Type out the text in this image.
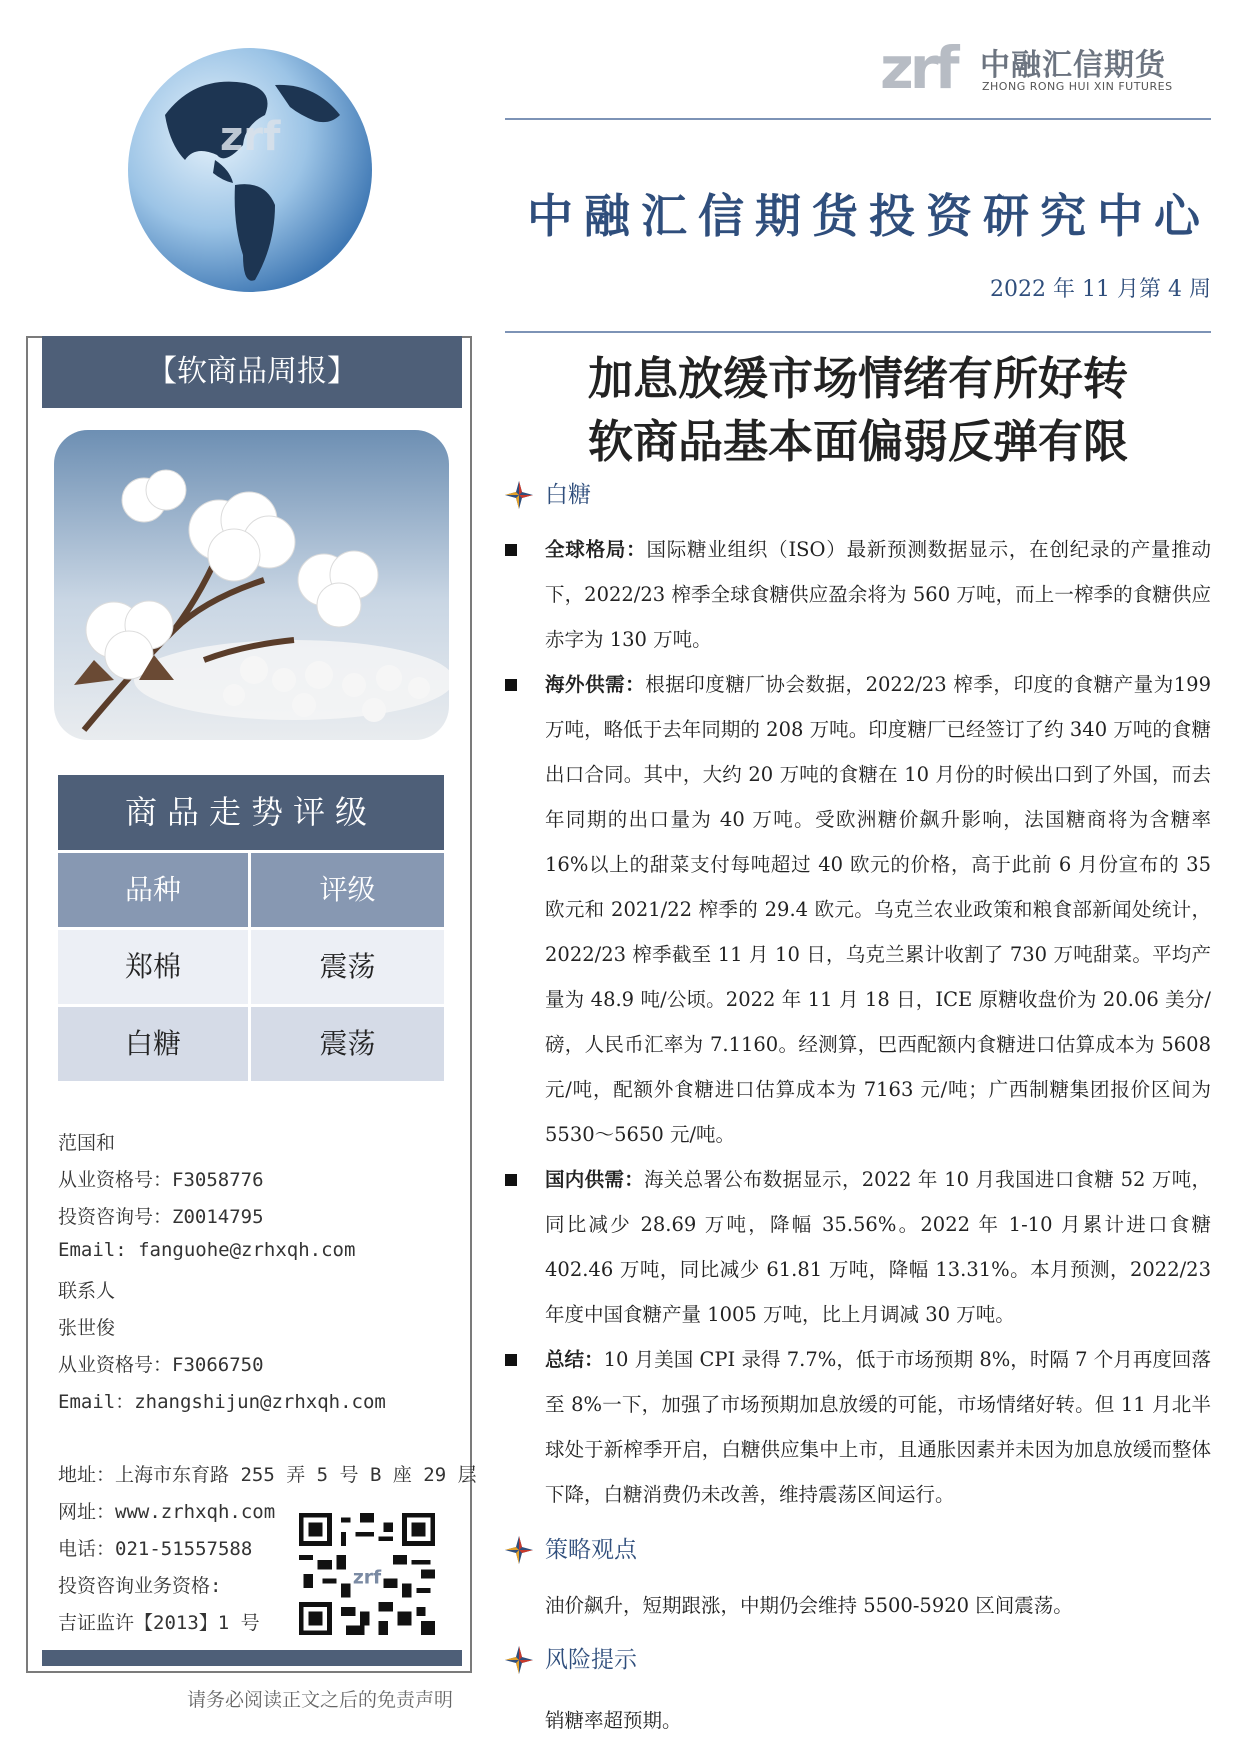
zrf
zrf 中融汇信期货
ZHONG RONG HUI XIN FUTURES
中融汇信期货投资研究中心
2022 年 11 月第 4 周
【软商品周报】
商品走势评级
品种	评级
郑棉	震荡
白糖	震荡
范国和
从业资格号：F3058776
投资咨询号：Z0014795
Email: fanguohe@zrhxqh.com
联系人
张世俊
从业资格号：F3066750
Email：zhangshijun@zrhxqh.com
地址：上海市东育路 255 弄 5 号 B 座 29 层
网址：www.zrhxqh.com
电话：021-51557588
投资咨询业务资格:
吉证监许【2013】1 号
zrf
请务必阅读正文之后的免责声明
加息放缓市场情绪有所好转
软商品基本面偏弱反弹有限
白糖
全球格局：国际糖业组织（ISO）最新预测数据显示，在创纪录的产量推动下，2022/23 榨季全球食糖供应盈余将为 560 万吨，而上一榨季的食糖供应赤字为 130 万吨。
海外供需：根据印度糖厂协会数据，2022/23 榨季，印度的食糖产量为199 万吨，略低于去年同期的 208 万吨。印度糖厂已经签订了约 340 万吨的食糖出口合同。其中，大约 20 万吨的食糖在 10 月份的时候出口到了外国，而去年同期的出口量为 40 万吨。受欧洲糖价飙升影响，法国糖商将为含糖率 16%以上的甜菜支付每吨超过 40 欧元的价格，高于此前 6 月份宣布的 35 欧元和 2021/22 榨季的 29.4 欧元。乌克兰农业政策和粮食部新闻处统计，2022/23 榨季截至 11 月 10 日，乌克兰累计收割了 730 万吨甜菜。平均产量为 48.9 吨/公顷。2022 年 11 月 18 日，ICE 原糖收盘价为 20.06 美分/磅，人民币汇率为 7.1160。经测算，巴西配额内食糖进口估算成本为 5608 元/吨，配额外食糖进口估算成本为 7163 元/吨；广西制糖集团报价区间为 5530～5650 元/吨。
国内供需：海关总署公布数据显示，2022 年 10 月我国进口食糖 52 万吨，同比减少 28.69 万吨，降幅 35.56%。2022 年 1-10 月累计进口食糖 402.46 万吨，同比减少 61.81 万吨，降幅 13.31%。本月预测，2022/23 年度中国食糖产量 1005 万吨，比上月调减 30 万吨。
总结：10 月美国 CPI 录得 7.7%，低于市场预期 8%，时隔 7 个月再度回落至 8%一下，加强了市场预期加息放缓的可能，市场情绪好转。但 11 月北半球处于新榨季开启，白糖供应集中上市，且通胀因素并未因为加息放缓而整体下降，白糖消费仍未改善，维持震荡区间运行。
策略观点
油价飙升，短期跟涨，中期仍会维持 5500-5920 区间震荡。
风险提示
销糖率超预期。
